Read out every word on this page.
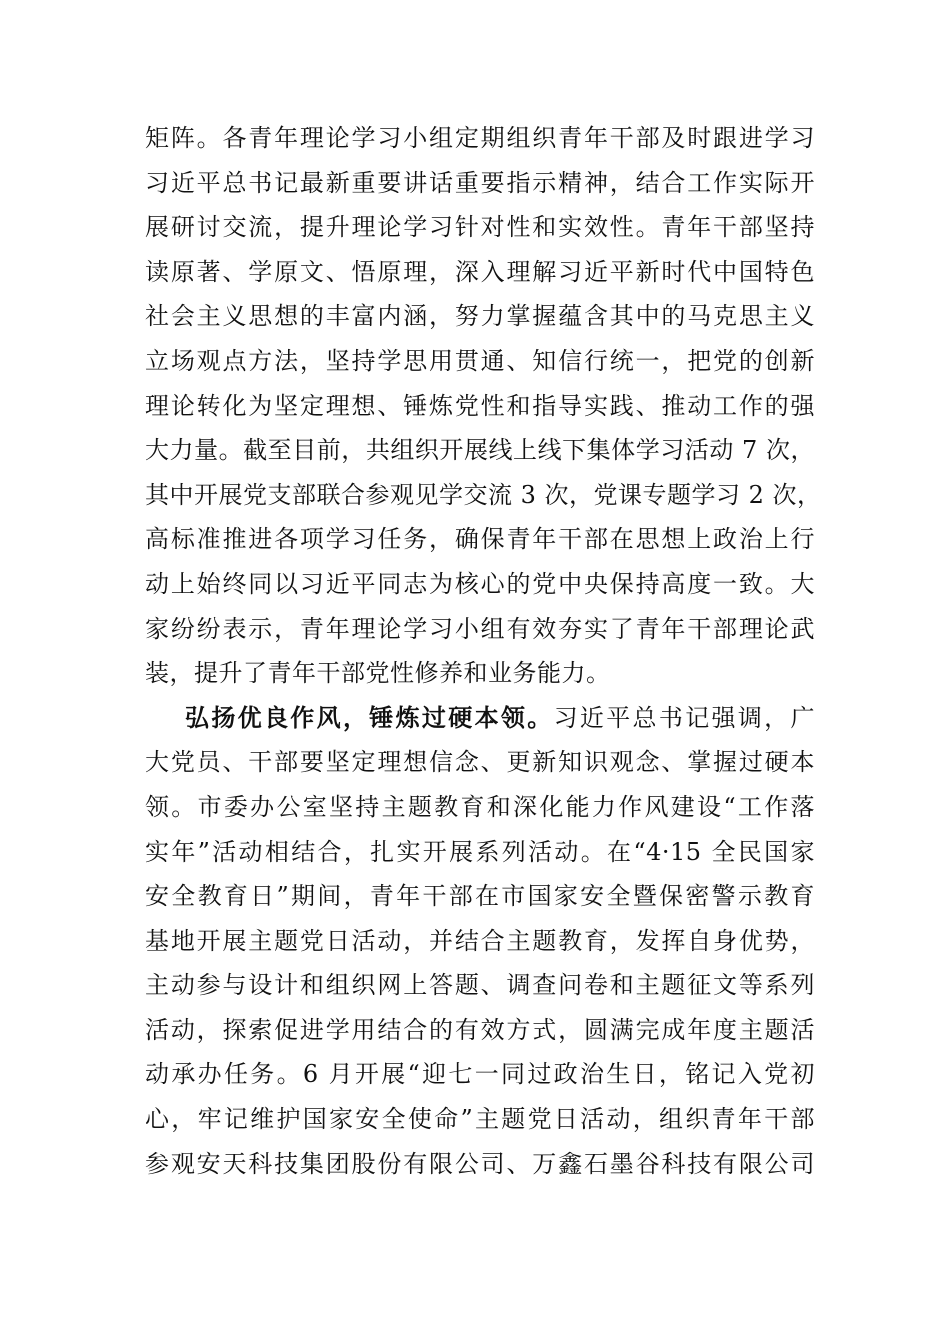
矩阵。各青年理论学习小组定期组织青年干部及时跟进学习
习近平总书记最新重要讲话重要指示精神，结合工作实际开
展研讨交流，提升理论学习针对性和实效性。青年干部坚持
读原著、学原文、悟原理，深入理解习近平新时代中国特色
社会主义思想的丰富内涵，努力掌握蕴含其中的马克思主义
立场观点方法，坚持学思用贯通、知信行统一，把党的创新
理论转化为坚定理想、锤炼党性和指导实践、推动工作的强
大力量。截至目前，共组织开展线上线下集体学习活动 7 次，
其中开展党支部联合参观见学交流 3 次，党课专题学习 2 次，
高标准推进各项学习任务，确保青年干部在思想上政治上行
动上始终同以习近平同志为核心的党中央保持高度一致。大
家纷纷表示，青年理论学习小组有效夯实了青年干部理论武
装，提升了青年干部党性修养和业务能力。
弘扬优良作风，锤炼过硬本领。习近平总书记强调，广
大党员、干部要坚定理想信念、更新知识观念、掌握过硬本
领。市委办公室坚持主题教育和深化能力作风建设“工作落
实年”活动相结合，扎实开展系列活动。在“4·15 全民国家
安全教育日”期间，青年干部在市国家安全暨保密警示教育
基地开展主题党日活动，并结合主题教育，发挥自身优势，
主动参与设计和组织网上答题、调查问卷和主题征文等系列
活动，探索促进学用结合的有效方式，圆满完成年度主题活
动承办任务。6 月开展“迎七一同过政治生日，铭记入党初
心，牢记维护国家安全使命”主题党日活动，组织青年干部
参观安天科技集团股份有限公司、万鑫石墨谷科技有限公司
